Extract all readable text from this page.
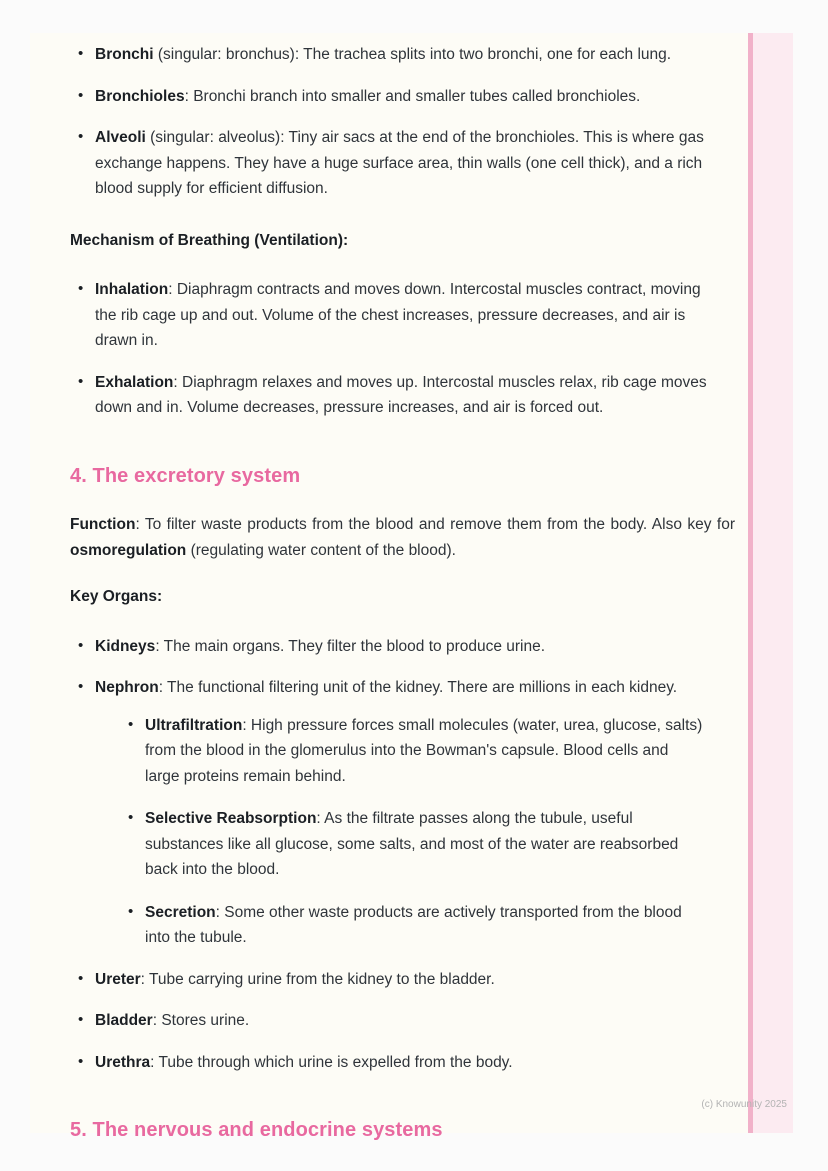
• Bronchi (singular: bronchus): The trachea splits into two bronchi, one for each lung.
• Bronchioles: Bronchi branch into smaller and smaller tubes called bronchioles.
• Alveoli (singular: alveolus): Tiny air sacs at the end of the bronchioles. This is where gas exchange happens. They have a huge surface area, thin walls (one cell thick), and a rich blood supply for efficient diffusion.
Mechanism of Breathing (Ventilation):
• Inhalation: Diaphragm contracts and moves down. Intercostal muscles contract, moving the rib cage up and out. Volume of the chest increases, pressure decreases, and air is drawn in.
• Exhalation: Diaphragm relaxes and moves up. Intercostal muscles relax, rib cage moves down and in. Volume decreases, pressure increases, and air is forced out.
4. The excretory system

Function: To filter waste products from the blood and remove them from the body. Also key for osmoregulation (regulating water content of the blood).

Key Organs:
• Kidneys: The main organs. They filter the blood to produce urine.
• Nephron: The functional filtering unit of the kidney. There are millions in each kidney.
• Ultrafiltration: High pressure forces small molecules (water, urea, glucose, salts) from the blood in the glomerulus into the Bowman's capsule. Blood cells and large proteins remain behind.
• Selective Reabsorption: As the filtrate passes along the tubule, useful substances like all glucose, some salts, and most of the water are reabsorbed back into the blood.
• Secretion: Some other waste products are actively transported from the blood into the tubule.
• Ureter: Tube carrying urine from the kidney to the bladder.
• Bladder: Stores urine.
• Urethra: Tube through which urine is expelled from the body.
5. The nervous and endocrine systems
(c) Knowunity 2025
